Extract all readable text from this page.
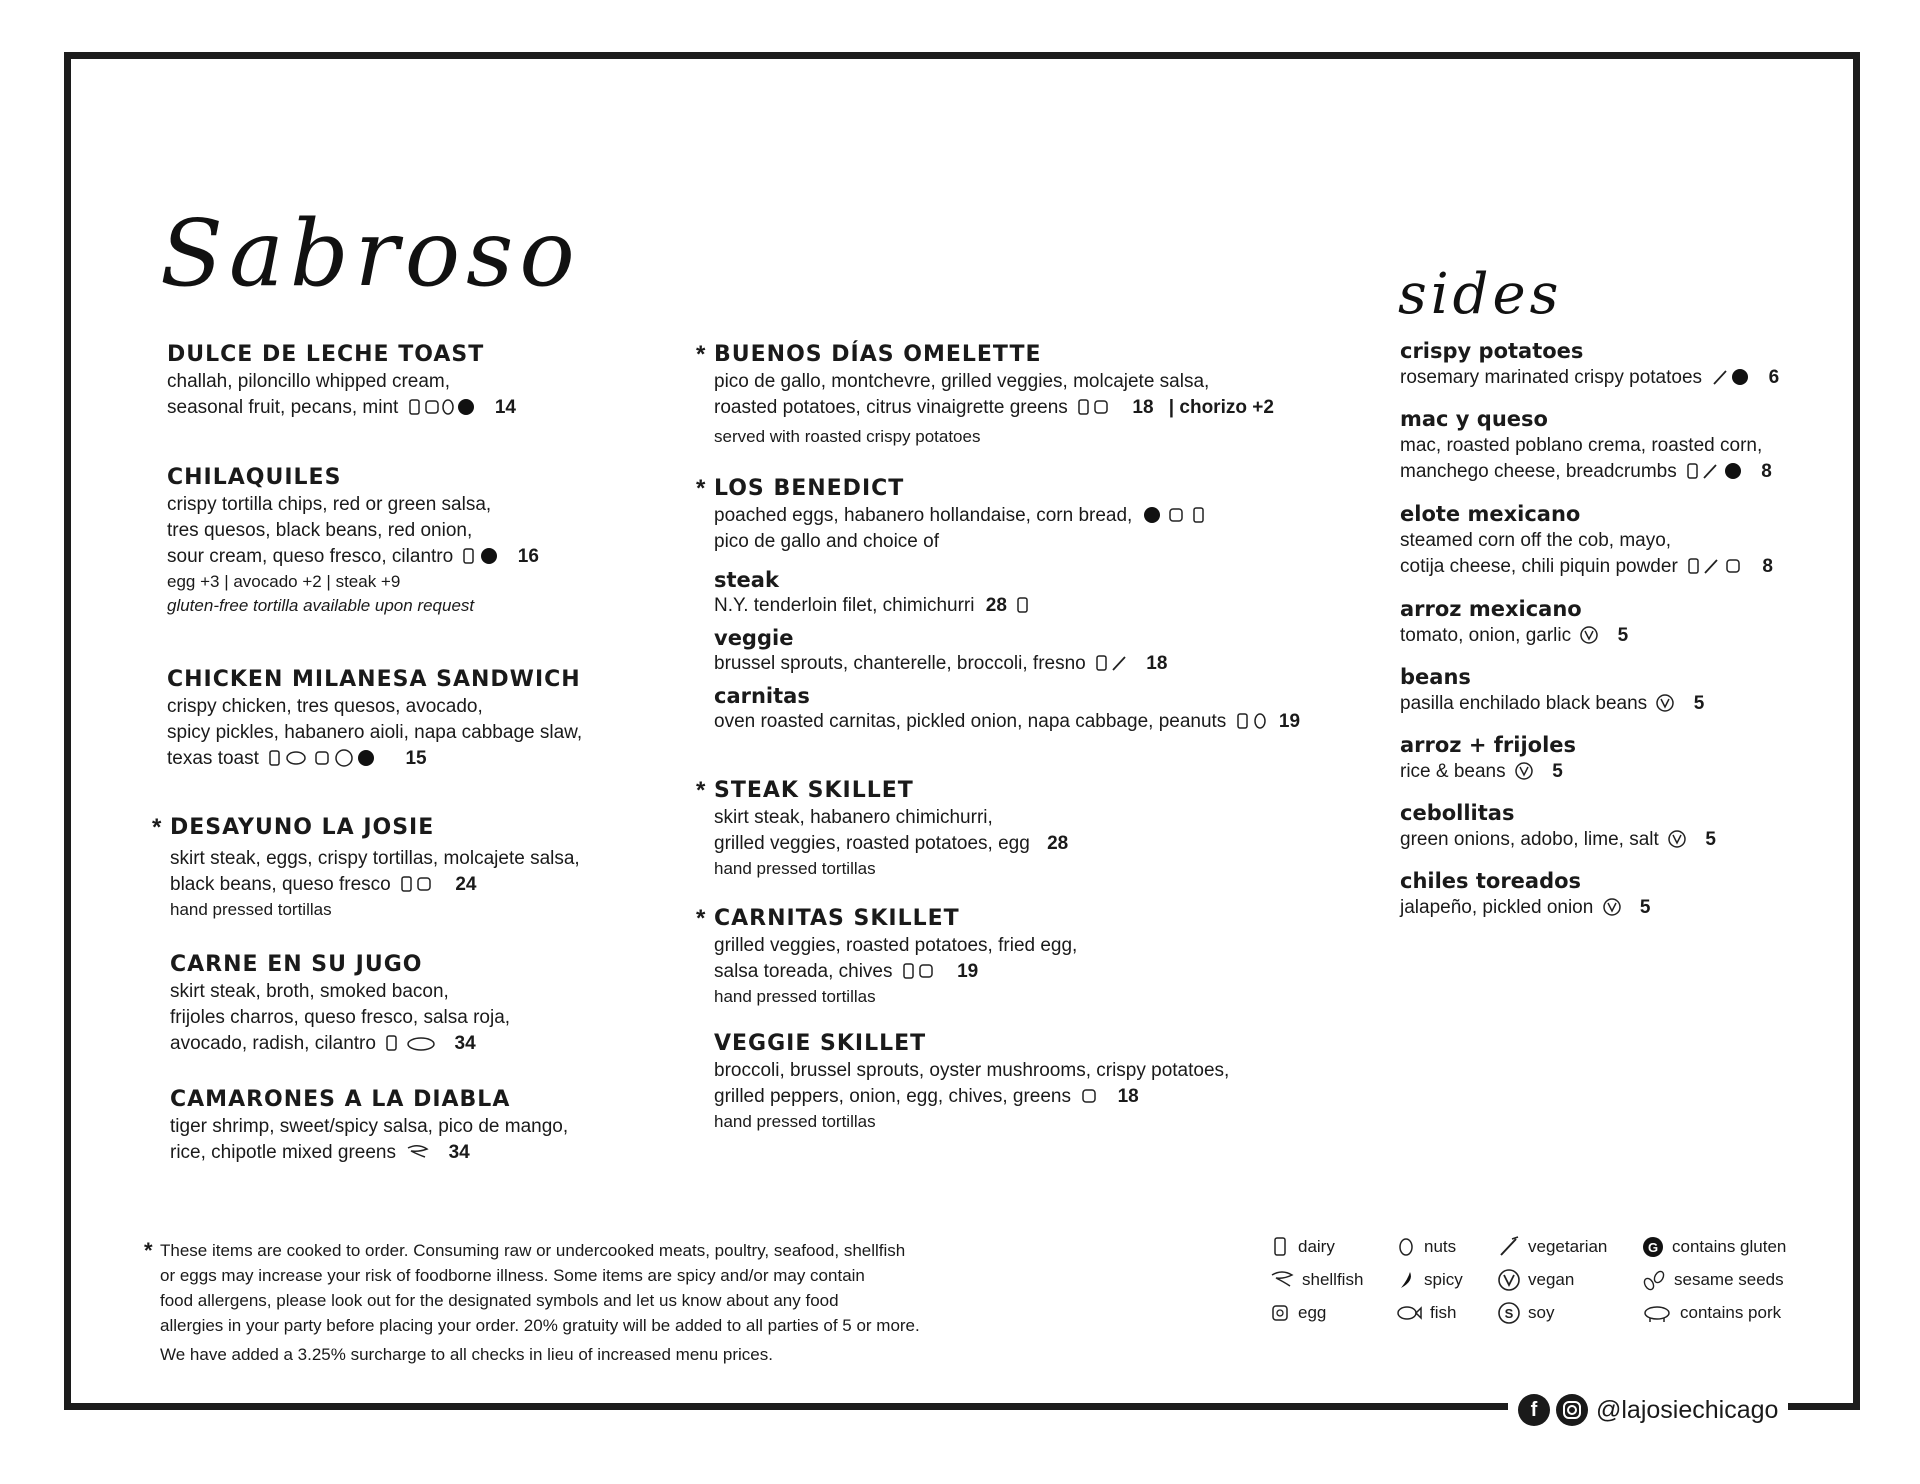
Sabroso	sides
DULCE DE LECHE TOAST
challah, piloncillo whipped cream,
seasonal fruit, pecans, mint	14
CHILAQUILES
crispy tortilla chips, red or green salsa,
tres quesos, black beans, red onion,
sour cream, queso fresco, cilantro	16
egg +3 | avocado +2 | steak +9
gluten-free tortilla available upon request
CHICKEN MILANESA SANDWICH
crispy chicken, tres quesos, avocado,
spicy pickles, habanero aioli, napa cabbage slaw,
texas toast	15
* DESAYUNO LA JOSIE
skirt steak, eggs, crispy tortillas, molcajete salsa,
black beans, queso fresco	24
hand pressed tortillas
CARNE EN SU JUGO
skirt steak, broth, smoked bacon,
frijoles charros, queso fresco, salsa roja,
avocado, radish, cilantro	34
CAMARONES A LA DIABLA
tiger shrimp, sweet/spicy salsa, pico de mango,
rice, chipotle mixed greens	34
* BUENOS DÍAS OMELETTE
pico de gallo, montchevre, grilled veggies, molcajete salsa,
roasted potatoes, citrus vinaigrette greens	18 | chorizo +2
served with roasted crispy potatoes
* LOS BENEDICT
poached eggs, habanero hollandaise, corn bread,
pico de gallo and choice of
steak
N.Y. tenderloin filet, chimichurri 28
veggie
brussel sprouts, chanterelle, broccoli, fresno	18
carnitas
oven roasted carnitas, pickled onion, napa cabbage, peanuts	19
* STEAK SKILLET
skirt steak, habanero chimichurri,
grilled veggies, roasted potatoes, egg 28
hand pressed tortillas
* CARNITAS SKILLET
grilled veggies, roasted potatoes, fried egg,
salsa toreada, chives	19
hand pressed tortillas
VEGGIE SKILLET
broccoli, brussel sprouts, oyster mushrooms, crispy potatoes,
grilled peppers, onion, egg, chives, greens 18
hand pressed tortillas
crispy potatoes
rosemary marinated crispy potatoes	6
mac y queso
mac, roasted poblano crema, roasted corn,
manchego cheese, breadcrumbs	8
elote mexicano
steamed corn off the cob, mayo,
cotija cheese, chili piquin powder	8
arroz mexicano
tomato, onion, garlic 5
beans
pasilla enchilado black beans 5
arroz + frijoles
rice & beans 5
cebollitas
green onions, adobo, lime, salt 5
chiles toreados
jalapeño, pickled onion 5
* These items are cooked to order. Consuming raw or undercooked meats, poultry, seafood, shellfish
or eggs may increase your risk of foodborne illness. Some items are spicy and/or may contain
food allergens, please look out for the designated symbols and let us know about any food
allergies in your party before placing your order. 20% gratuity will be added to all parties of 5 or more.
We have added a 3.25% surcharge to all checks in lieu of increased menu prices.
dairy	nuts	vegetarian	G contains gluten
shellfish	spicy	vegan	sesame seeds
egg	fish	S soy	contains pork
f	@lajosiechicago
